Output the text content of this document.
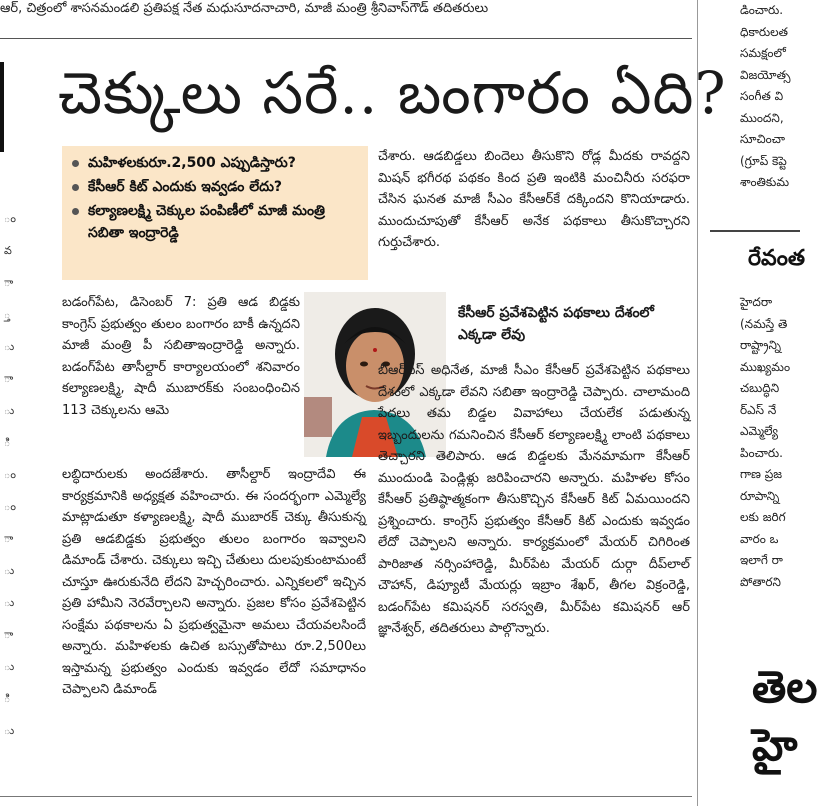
ఆర్, చిత్రంలో శాసనమండలి ప్రతిపక్ష నేత మధుసూదనాచారి, మాజీ మంత్రి శ్రీనివాస్‌గౌడ్ తదితరులు
ం
వ
ా
్త
ు
ా
ు
ి
ం
ం
ా
ు
ు
ా
ు
ి
ు
చెక్కులు సరే.. బంగారం ఏది?
మహిళలకురూ.2,500 ఎప్పుడిస్తారు?
కేసీఆర్ కిట్ ఎందుకు ఇవ్వడం లేదు?
కల్యాణలక్ష్మి చెక్కుల పంపిణీలో మాజీ మంత్రి సబితా ఇంద్రారెడ్డి

బడంగ్‌పేట, డిసెంబర్ 7: ప్రతి ఆడ బిడ్డకు కాంగ్రెస్ ప్రభుత్వం తులం బంగారం బాకీ ఉన్నదని మాజీ మంత్రి పీ సబితాఇంద్రారెడ్డి అన్నారు. బడంగ్‌పేట తాసీల్దార్ కార్యాలయంలో శనివారం కల్యాణలక్ష్మి, షాదీ ముబారక్‌కు సంబంధించిన 113 చెక్కులను ఆమె

లబ్ధిదారులకు అందజేశారు. తాసీల్దార్ ఇంద్రాదేవి ఈ కార్యక్రమానికి అధ్యక్షత వహించారు. ఈ సందర్భంగా ఎమ్మెల్యే మాట్లాడుతూ కళ్యాణలక్ష్మి, షాదీ ముబారక్ చెక్కు తీసుకున్న ప్రతి ఆడబిడ్డకు ప్రభుత్వం తులం బంగారం ఇవ్వాలని డిమాండ్ చేశారు. చెక్కులు ఇచ్చి చేతులు దులపుకుంటామంటే చూస్తూ ఊరుకునేది లేదని హెచ్చరించారు. ఎన్నికలలో ఇచ్చిన ప్రతి హామీని నెరవేర్చాలని అన్నారు. ప్రజల కోసం ప్రవేశపెట్టిన సంక్షేమ పథకాలను ఏ ప్రభుత్వమైనా అమలు చేయవలసిందే అన్నారు. మహిళలకు ఉచిత బస్సుతోపాటు రూ.2,500లు ఇస్తామన్న ప్రభుత్వం ఎందుకు ఇవ్వడం లేదో సమాధానం చెప్పాలని డిమాండ్

చేశారు. ఆడబిడ్డలు బిందెలు తీసుకొని రోడ్ల మీదకు రావద్దని మిషన్ భగీరథ పథకం కింద ప్రతి ఇంటికి మంచినీరు సరఫరా చేసిన ఘనత మాజీ సీఎం కేసీఆర్‌కే దక్కిందని కొనియాడారు. ముందుచూపుతో కేసీఆర్ అనేక పథకాలు తీసుకొచ్చారని గుర్తుచేశారు.

కేసీఆర్ ప్రవేశపెట్టిన పథకాలు దేశంలో ఎక్కడా లేవు

బీఆర్‌ఎస్ అధినేత, మాజీ సీఎం కేసీఆర్ ప్రవేశపెట్టిన పథకాలు దేశంలో ఎక్కడా లేవని సబితా ఇంద్రారెడ్డి చెప్పారు. చాలామంది పేదలు తమ బిడ్డల వివాహాలు చేయలేక పడుతున్న ఇబ్బందులను గమనించిన కేసీఆర్ కల్యాణలక్ష్మి లాంటి పథకాలు తెచ్చారని తెలిపారు. ఆడ బిడ్డలకు మేనమామగా కేసీఆర్ ముందుండి పెండ్లిళ్లు జరిపించారని అన్నారు. మహిళల కోసం కేసీఆర్ ప్రతిష్ఠాత్మకంగా తీసుకొచ్చిన కేసీఆర్ కిట్ ఏమయిందని ప్రశ్నించారు. కాంగ్రెస్ ప్రభుత్వం కేసీఆర్ కిట్ ఎందుకు ఇవ్వడం లేదో చెప్పాలని అన్నారు. కార్యక్రమంలో మేయర్ చిగిరింత పారిజాత నర్సింహారెడ్డి, మీర్‌పేట మేయర్ దుర్గా దీప్‌లాల్ చౌహాన్, డిప్యూటీ మేయర్లు ఇబ్రాం శేఖర్, తీగల విక్రంరెడ్డి, బడంగ్‌పేట కమిషనర్ సరస్వతి, మీర్‌పేట కమిషనర్ ఆర్ జ్ఞానేశ్వర్, తదితరులు పాల్గొన్నారు.

డించారు.
ధికారులత
సమక్షంలో
విజయోత్స
సంగీత వి
ముందని,
సూచించా
(గ్రూప్ కెప్టె
శాంతికుమ
రేవంత
హైదరా
(నమస్తే తె
రాష్ట్రాన్ని
ముఖ్యమం
చబుద్ధిని
ర్‌ఎస్ నే
ఎమ్మెల్యే
పించారు.
గాణ ప్రజ
రూపాన్ని
లకు జరిగ
వారం ఒ
ఇలాగే రా
పోతారని
తెల
హై
